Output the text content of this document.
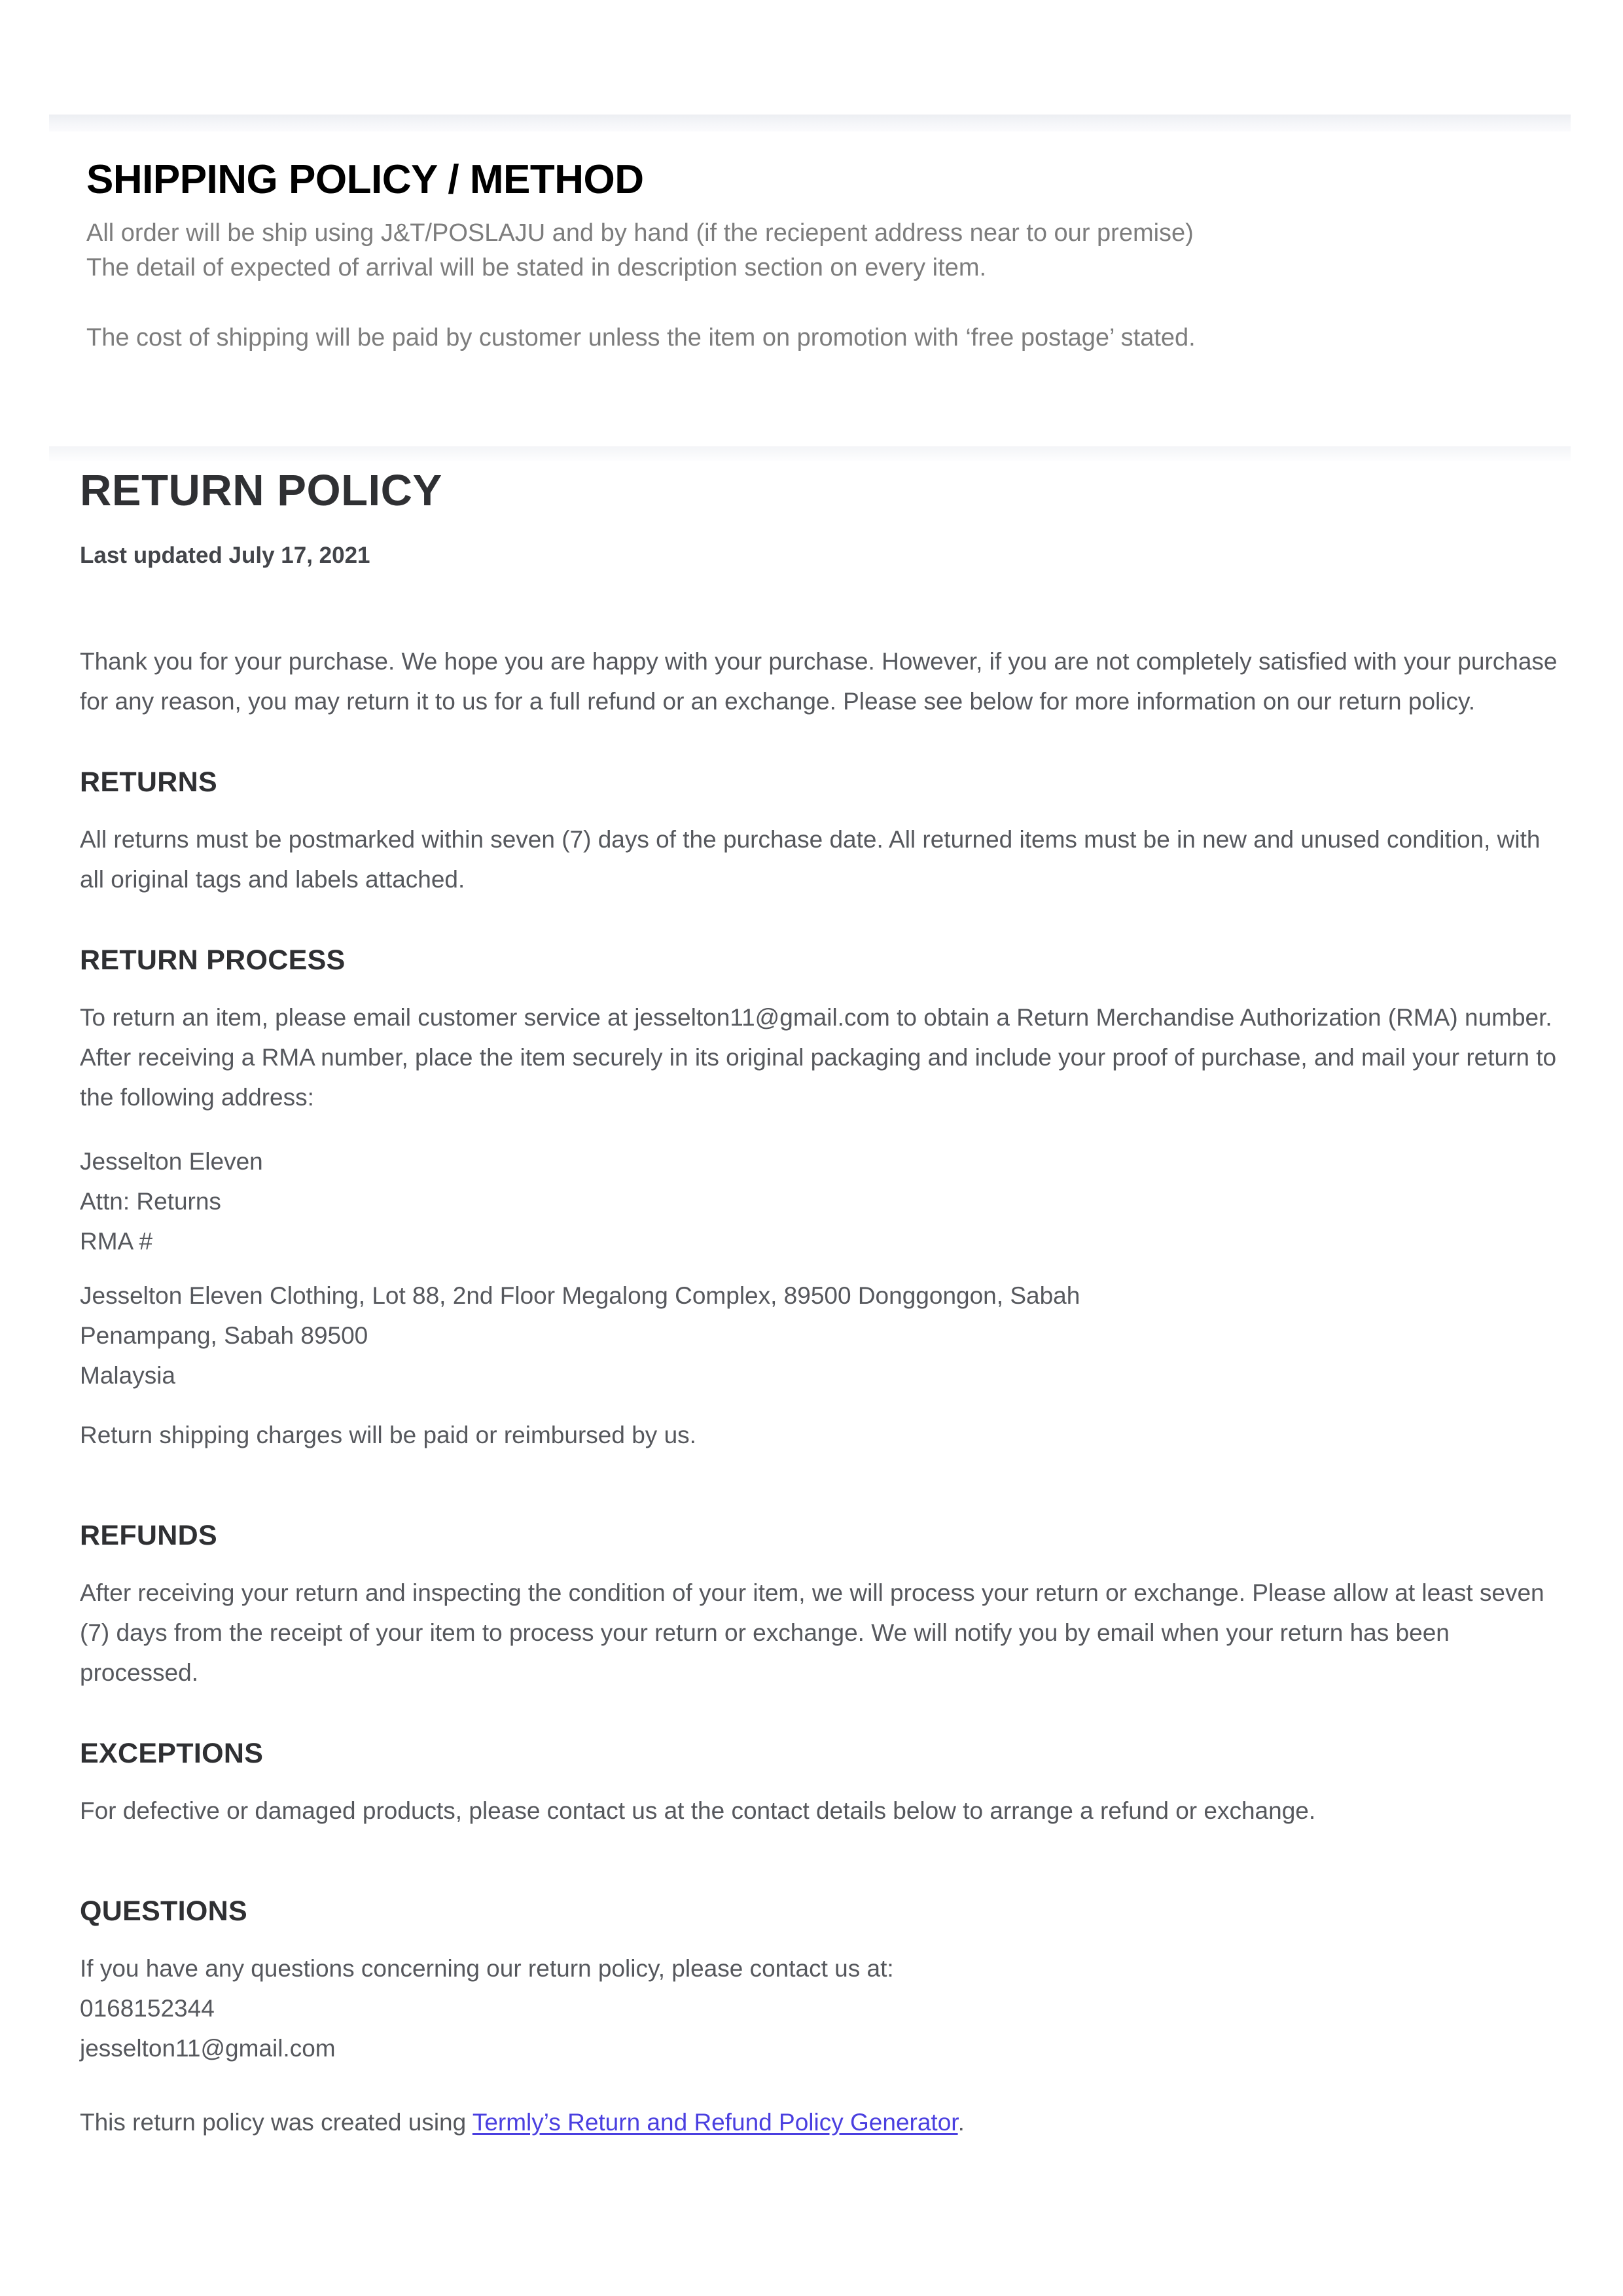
SHIPPING POLICY / METHOD
All order will be ship using J&T/POSLAJU and by hand (if the reciepent address near to our premise)
The detail of expected of arrival will be stated in description section on every item.
The cost of shipping will be paid by customer unless the item on promotion with ‘free postage’ stated.
RETURN POLICY
Last updated July 17, 2021

Thank you for your purchase. We hope you are happy with your purchase. However, if you are not completely satisfied with your purchase for any reason, you may return it to us for a full refund or an exchange. Please see below for more information on our return policy.

RETURNS

All returns must be postmarked within seven (7) days of the purchase date. All returned items must be in new and unused condition, with all original tags and labels attached.

RETURN PROCESS

To return an item, please email customer service at jesselton11@gmail.com to obtain a Return Merchandise Authorization (RMA) number. After receiving a RMA number, place the item securely in its original packaging and include your proof of purchase, and mail your return to the following address:

Jesselton Eleven
Attn: Returns
RMA #
Jesselton Eleven Clothing, Lot 88, 2nd Floor Megalong Complex, 89500 Donggongon, Sabah
Penampang, Sabah 89500
Malaysia

Return shipping charges will be paid or reimbursed by us.

REFUNDS

After receiving your return and inspecting the condition of your item, we will process your return or exchange. Please allow at least seven (7) days from the receipt of your item to process your return or exchange. We will notify you by email when your return has been processed.

EXCEPTIONS

For defective or damaged products, please contact us at the contact details below to arrange a refund or exchange.

QUESTIONS
If you have any questions concerning our return policy, please contact us at:
0168152344
jesselton11@gmail.com

This return policy was created using Termly’s Return and Refund Policy Generator.
